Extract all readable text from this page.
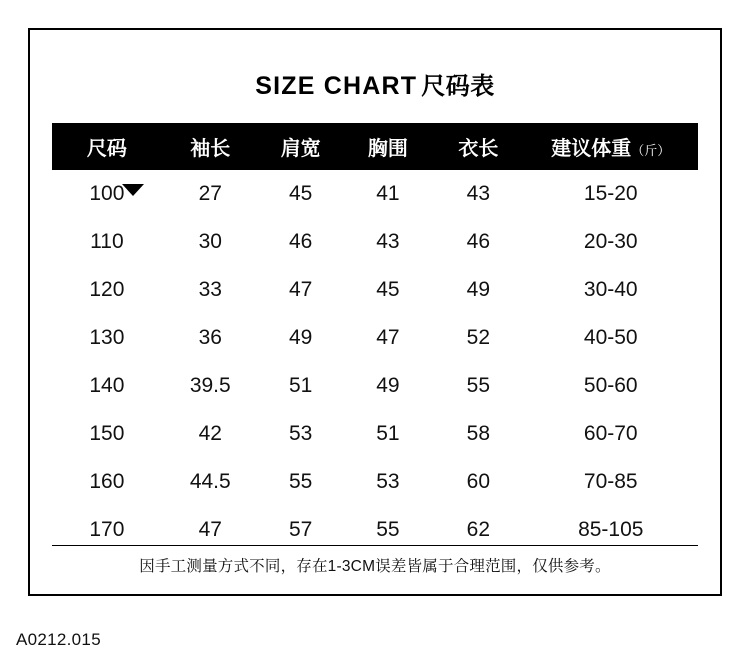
SIZE CHART 尺码表
尺码	袖长	肩宽	胸围	衣长	建议体重（斤）
100	27	45	41	43	15-20
110	30	46	43	46	20-30
120	33	47	45	49	30-40
130	36	49	47	52	40-50
140	39.5	51	49	55	50-60
150	42	53	51	58	60-70
160	44.5	55	53	60	70-85
170	47	57	55	62	85-105
因手工测量方式不同，存在1-3CM误差皆属于合理范围，仅供参考。
A0212.015
